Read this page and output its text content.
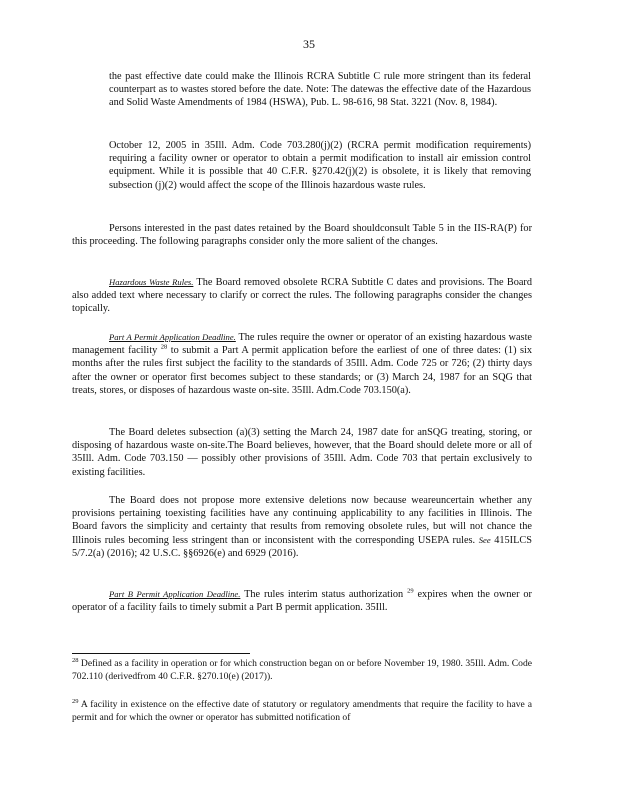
35

the past effective date could make the Illinois RCRA Subtitle C rule more stringent than its federal counterpart as to wastes stored before the date. Note: The datewas the effective date of the Hazardous and Solid Waste Amendments of 1984 (HSWA), Pub. L. 98-616, 98 Stat. 3221 (Nov. 8, 1984).

October 12, 2005 in 35Ill. Adm. Code 703.280(j)(2) (RCRA permit modification requirements) requiring a facility owner or operator to obtain a permit modification to install air emission control equipment. While it is possible that 40 C.F.R. §270.42(j)(2) is obsolete, it is likely that removing subsection (j)(2) would affect the scope of the Illinois hazardous waste rules.

Persons interested in the past dates retained by the Board shouldconsult Table 5 in the IIS-RA(P) for this proceeding. The following paragraphs consider only the more salient of the changes.

Hazardous Waste Rules. The Board removed obsolete RCRA Subtitle C dates and provisions. The Board also added text where necessary to clarify or correct the rules. The following paragraphs consider the changes topically.

Part A Permit Application Deadline. The rules require the owner or operator of an existing hazardous waste management facility $^{28}$ to submit a Part A permit application before the earliest of one of three dates: (1) six months after the rules first subject the facility to the standards of 35Ill. Adm. Code 725 or 726; (2) thirty days after the owner or operator first becomes subject to these standards; or (3) March 24, 1987 for an SQG that treats, stores, or disposes of hazardous waste on-site. 35Ill. Adm.Code 703.150(a).

The Board deletes subsection (a)(3) setting the March 24, 1987 date for anSQG treating, storing, or disposing of hazardous waste on-site.The Board believes, however, that the Board should delete more or all of 35Ill. Adm. Code 703.150 — possibly other provisions of 35Ill. Adm. Code 703 that pertain exclusively to existing facilities.

The Board does not propose more extensive deletions now because weareuncertain whether any provisions pertaining toexisting facilities have any continuing applicability to any facilities in Illinois. The Board favors the simplicity and certainty that results from removing obsolete rules, but will not chance the Illinois rules becoming less stringent than or inconsistent with the corresponding USEPA rules. See 415ILCS 5/7.2(a) (2016); 42 U.S.C. §§6926(e) and 6929 (2016).

Part B Permit Application Deadline. The rules interim status authorization $^{29}$ expires when the owner or operator of a facility fails to timely submit a Part B permit application. 35Ill.

$^{28}$ Defined as a facility in operation or for which construction began on or before November 19, 1980. 35Ill. Adm. Code 702.110 (derivedfrom 40 C.F.R. §270.10(e) (2017)).

$^{29}$ A facility in existence on the effective date of statutory or regulatory amendments that require the facility to have a permit and for which the owner or operator has submitted notification of
